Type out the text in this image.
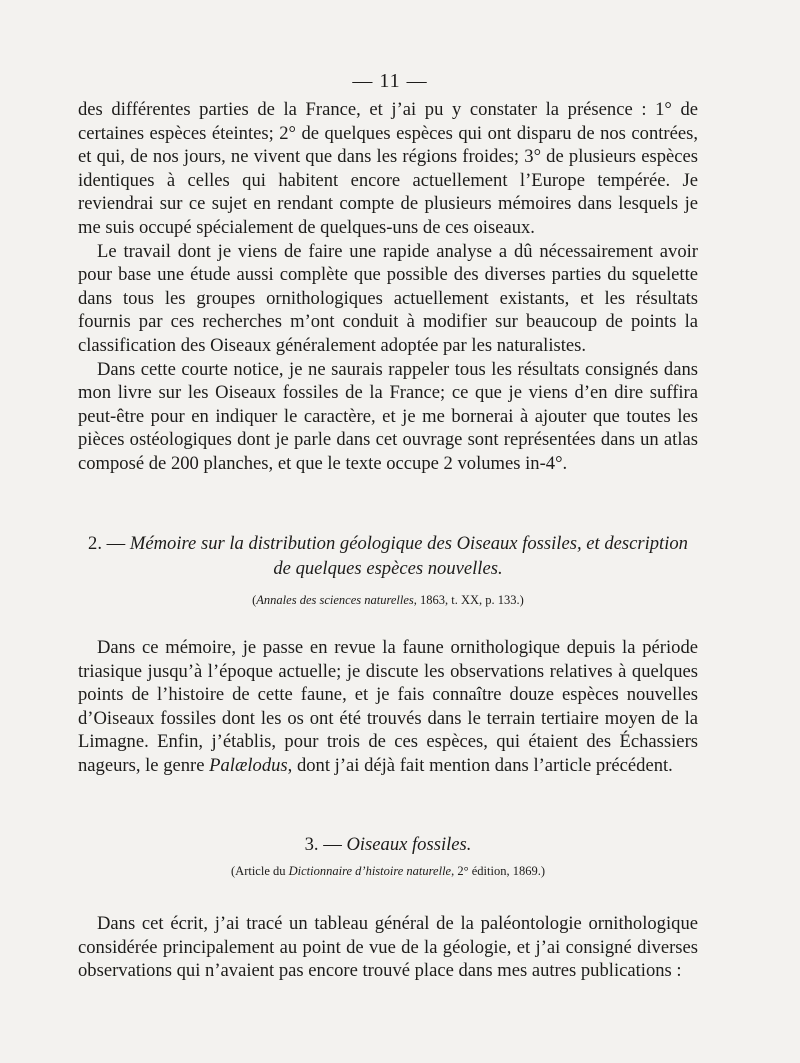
— 11 —

des différentes parties de la France, et j’ai pu y constater la présence : 1° de certaines espèces éteintes; 2° de quelques espèces qui ont disparu de nos contrées, et qui, de nos jours, ne vivent que dans les régions froides; 3° de plusieurs espèces identiques à celles qui habitent encore actuellement l’Europe tempérée. Je reviendrai sur ce sujet en rendant compte de plusieurs mémoires dans lesquels je me suis occupé spécialement de quelques-uns de ces oiseaux.

Le travail dont je viens de faire une rapide analyse a dû nécessairement avoir pour base une étude aussi complète que possible des diverses parties du squelette dans tous les groupes ornithologiques actuellement existants, et les résultats fournis par ces recherches m’ont conduit à modifier sur beaucoup de points la classification des Oiseaux généralement adoptée par les naturalistes.

Dans cette courte notice, je ne saurais rappeler tous les résultats consignés dans mon livre sur les Oiseaux fossiles de la France; ce que je viens d’en dire suffira peut-être pour en indiquer le caractère, et je me bornerai à ajouter que toutes les pièces ostéologiques dont je parle dans cet ouvrage sont représentées dans un atlas composé de 200 planches, et que le texte occupe 2 volumes in-4°.

2. — Mémoire sur la distribution géologique des Oiseaux fossiles, et description
de quelques espèces nouvelles.
(Annales des sciences naturelles, 1863, t. XX, p. 133.)

Dans ce mémoire, je passe en revue la faune ornithologique depuis la période triasique jusqu’à l’époque actuelle; je discute les observations relatives à quelques points de l’histoire de cette faune, et je fais connaître douze espèces nouvelles d’Oiseaux fossiles dont les os ont été trouvés dans le terrain tertiaire moyen de la Limagne. Enfin, j’établis, pour trois de ces espèces, qui étaient des Échassiers nageurs, le genre Palælodus, dont j’ai déjà fait mention dans l’article précédent.

3. — Oiseaux fossiles.
(Article du Dictionnaire d’histoire naturelle, 2° édition, 1869.)

Dans cet écrit, j’ai tracé un tableau général de la paléontologie ornithologique considérée principalement au point de vue de la géologie, et j’ai consigné diverses observations qui n’avaient pas encore trouvé place dans mes autres publications :
